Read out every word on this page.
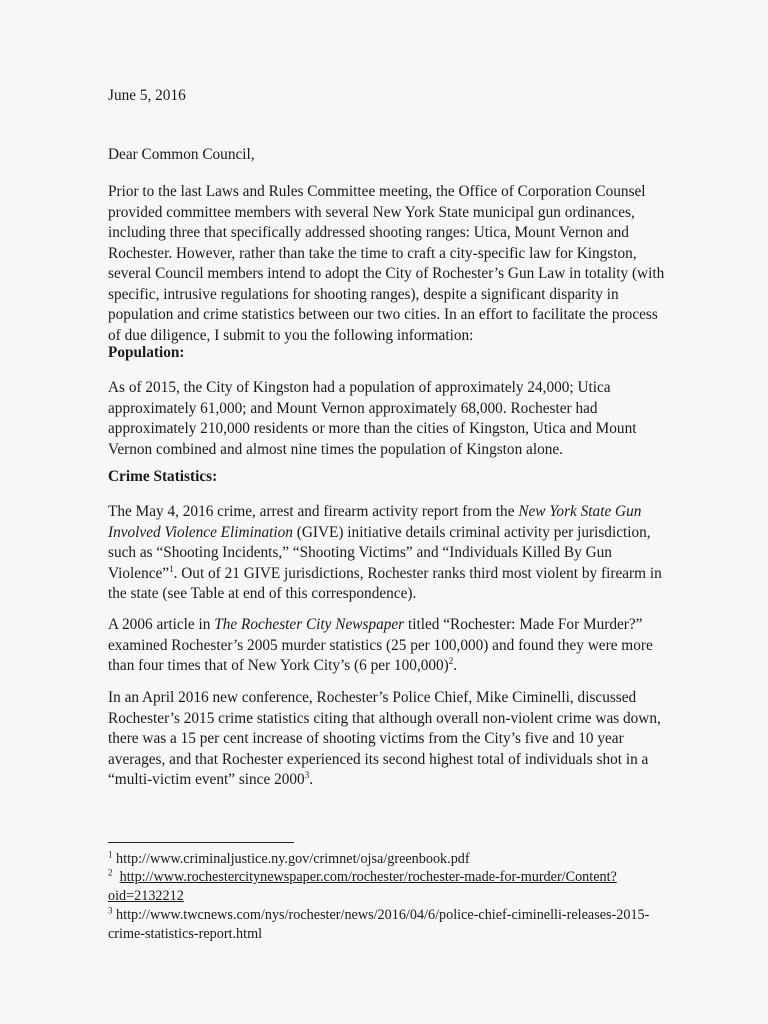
June 5, 2016

Dear Common Council,

Prior to the last Laws and Rules Committee meeting, the Office of Corporation Counsel provided committee members with several New York State municipal gun ordinances, including three that specifically addressed shooting ranges: Utica, Mount Vernon and Rochester. However, rather than take the time to craft a city-specific law for Kingston, several Council members intend to adopt the City of Rochester’s Gun Law in totality (with specific, intrusive regulations for shooting ranges), despite a significant disparity in population and crime statistics between our two cities. In an effort to facilitate the process of due diligence, I submit to you the following information:

Population:

As of 2015, the City of Kingston had a population of approximately 24,000; Utica approximately 61,000; and Mount Vernon approximately 68,000. Rochester had approximately 210,000 residents or more than the cities of Kingston, Utica and Mount Vernon combined and almost nine times the population of Kingston alone.

Crime Statistics:

The May 4, 2016 crime, arrest and firearm activity report from the New York State Gun Involved Violence Elimination (GIVE) initiative details criminal activity per jurisdiction, such as “Shooting Incidents,” “Shooting Victims” and “Individuals Killed By Gun Violence”$^1$. Out of 21 GIVE jurisdictions, Rochester ranks third most violent by firearm in the state (see Table at end of this correspondence).

A 2006 article in The Rochester City Newspaper titled “Rochester: Made For Murder?” examined Rochester’s 2005 murder statistics (25 per 100,000) and found they were more than four times that of New York City’s (6 per 100,000)$^2$.

In an April 2016 new conference, Rochester’s Police Chief, Mike Ciminelli, discussed Rochester’s 2015 crime statistics citing that although overall non-violent crime was down, there was a 15 per cent increase of shooting victims from the City’s five and 10 year averages, and that Rochester experienced its second highest total of individuals shot in a “multi-victim event” since 2000$^3$.

$^1$ http://www.criminaljustice.ny.gov/crimnet/ojsa/greenbook.pdf

$^2$ http://www.rochestercitynewspaper.com/rochester/rochester-made-for-murder/Content?oid=2132212

$^3$ http://www.twcnews.com/nys/rochester/news/2016/04/6/police-chief-ciminelli-releases-2015-crime-statistics-report.html
